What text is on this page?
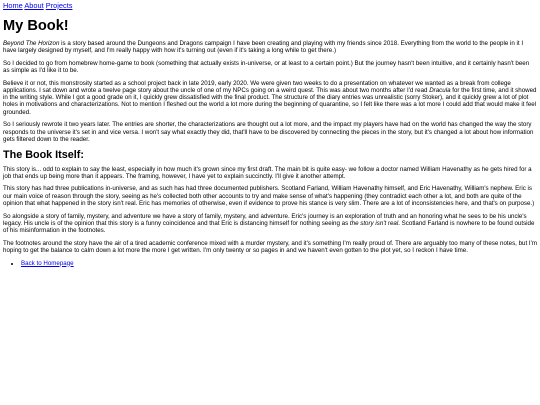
Home About Projects
My Book!

Beyond The Horizon is a story based around the Dungeons and Dragons campaign I have been creating and playing with my friends since 2018. Everything from the world to the people in it I have largely designed by myself, and I'm really happy with how it's turning out (even if it's taking a long while to get there.)

So I decided to go from homebrew home-game to book (something that actually exists in-universe, or at least to a certain point.) But the journey hasn't been intuitive, and it certainly hasn't been as simple as I'd like it to be.

Believe it or not, this monstrosity started as a school project back in late 2019, early 2020. We were given two weeks to do a presentation on whatever we wanted as a break from college applications. I sat down and wrote a twelve page story about the uncle of one of my NPCs going on a weird quest. This was about two months after I'd read Dracula for the first time, and it showed in the writing style. While I got a good grade on it, I quickly grew dissatisfied with the final product. The structure of the diary entries was unrealistic (sorry Stoker), and it quickly grew a lot of plot holes in motivations and characterizations. Not to mention I fleshed out the world a lot more during the beginning of quarantine, so I felt like there was a lot more I could add that would make it feel grounded.

So I seriously rewrote it two years later. The entries are shorter, the characterizations are thought out a lot more, and the impact my players have had on the world has changed the way the story responds to the universe it's set in and vice versa. I won't say what exactly they did, that'll have to be discovered by connecting the pieces in the story, but it's changed a lot about how information gets filtered down to the reader.

The Book Itself:

This story is... odd to explain to say the least, especially in how much it's grown since my first draft. The main bit is quite easy- we follow a doctor named William Havenathy as he gets hired for a job that ends up being more than it appears. The framing, however, I have yet to explain succinctly. I'll give it another attempt.

This story has had three publications in-universe, and as such has had three documented publishers. Scotland Farland, William Havenathy himself, and Eric Havenathy, William's nephew. Eric is our main voice of reason through the story, seeing as he's collected both other accounts to try and make sense of what's happening (they contradict each other a lot, and both are quite of the opinion that what happened in the story isn't real. Eric has memories of otherwise, even if evidence to prove his stance is very slim. There are a lot of inconsistencies here, and that's on purpose.)

So alongside a story of family, mystery, and adventure we have a story of family, mystery, and adventure. Eric's journey is an exploration of truth and an honoring what he sees to be his uncle's legacy. His uncle is of the opinion that this story is a funny coincidence and that Eric is distancing himself for nothing seeing as the story isn't real. Scotland Farland is nowhere to be found outside of his misinformation in the footnotes.

The footnotes around the story have the air of a tired academic conference mixed with a murder mystery, and it's something I'm really proud of. There are arguably too many of these notes, but I'm hoping to get the balance to calm down a lot more the more I get written. I'm only twenty or so pages in and we haven't even gotten to the plot yet, so I reckon I have time.

• Back to Homepage
